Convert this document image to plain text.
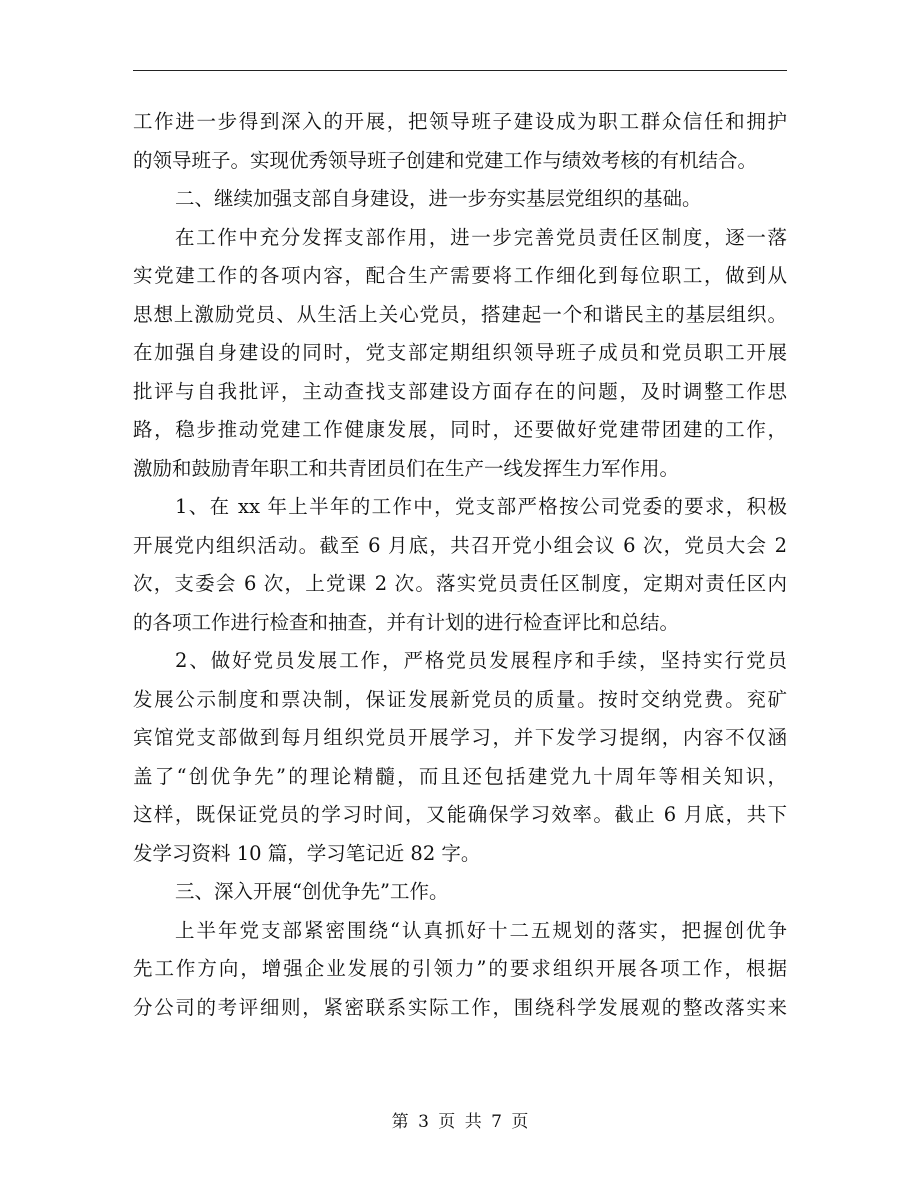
工作进一步得到深入的开展，把领导班子建设成为职工群众信任和拥护
的领导班子。实现优秀领导班子创建和党建工作与绩效考核的有机结合。
二、继续加强支部自身建设，进一步夯实基层党组织的基础。
在工作中充分发挥支部作用，进一步完善党员责任区制度，逐一落
实党建工作的各项内容，配合生产需要将工作细化到每位职工，做到从
思想上激励党员、从生活上关心党员，搭建起一个和谐民主的基层组织。
在加强自身建设的同时，党支部定期组织领导班子成员和党员职工开展
批评与自我批评，主动查找支部建设方面存在的问题，及时调整工作思
路，稳步推动党建工作健康发展，同时，还要做好党建带团建的工作，
激励和鼓励青年职工和共青团员们在生产一线发挥生力军作用。
1、在 xx 年上半年的工作中，党支部严格按公司党委的要求，积极
开展党内组织活动。截至 6 月底，共召开党小组会议 6 次，党员大会 2
次，支委会 6 次，上党课 2 次。落实党员责任区制度，定期对责任区内
的各项工作进行检查和抽查，并有计划的进行检查评比和总结。
2、做好党员发展工作，严格党员发展程序和手续，坚持实行党员
发展公示制度和票决制，保证发展新党员的质量。按时交纳党费。兖矿
宾馆党支部做到每月组织党员开展学习，并下发学习提纲，内容不仅涵
盖了“创优争先”的理论精髓，而且还包括建党九十周年等相关知识，
这样，既保证党员的学习时间，又能确保学习效率。截止 6 月底，共下
发学习资料 10 篇，学习笔记近 82 字。
三、深入开展“创优争先”工作。
上半年党支部紧密围绕“认真抓好十二五规划的落实，把握创优争
先工作方向，增强企业发展的引领力”的要求组织开展各项工作，根据
分公司的考评细则，紧密联系实际工作，围绕科学发展观的整改落实来
第 3 页 共 7 页
